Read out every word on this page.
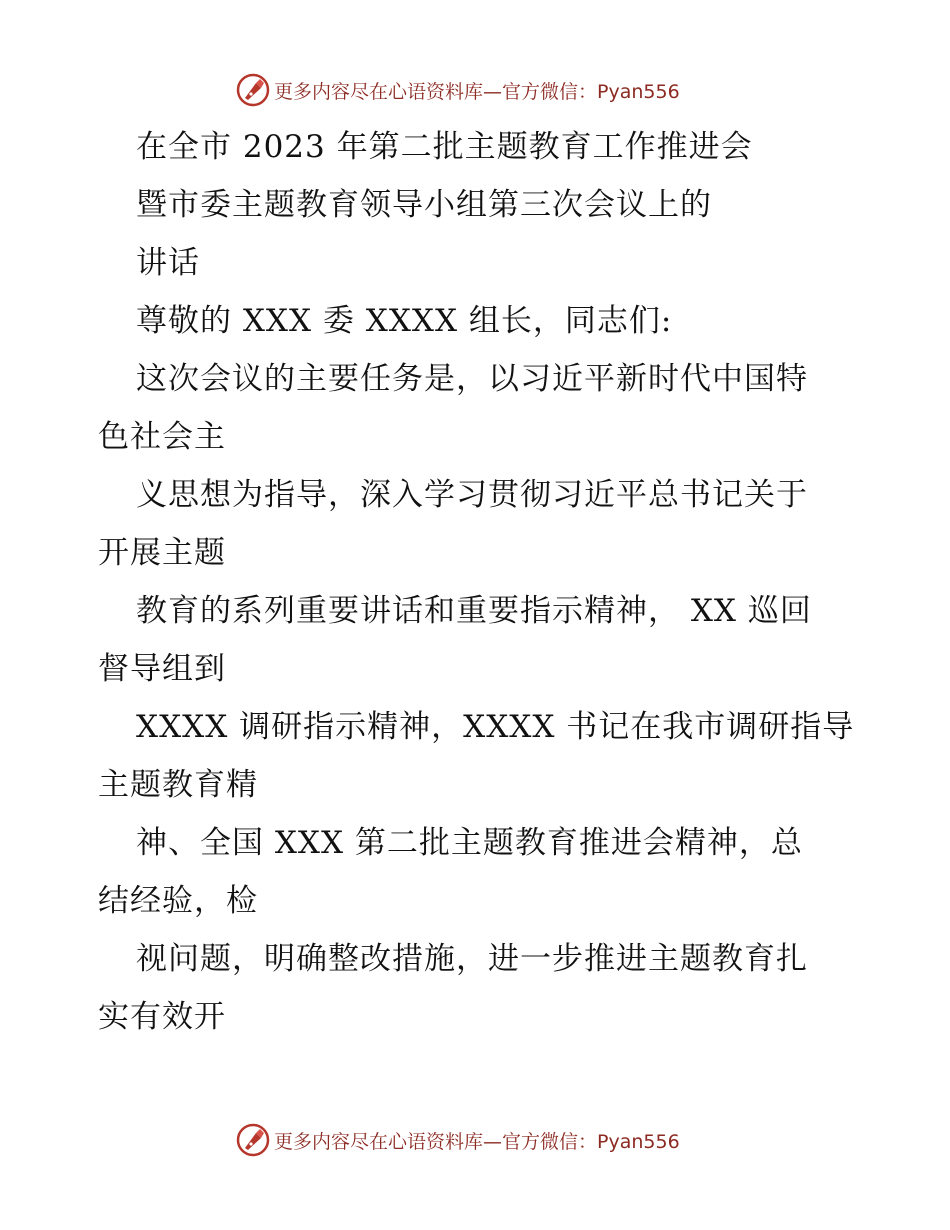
更多内容尽在心语资料库—官方微信：Pyan556
在全市 2023 年第二批主题教育工作推进会
暨市委主题教育领导小组第三次会议上的
讲话
尊敬的 XXX 委 XXXX 组长，同志们:
这次会议的主要任务是，以习近平新时代中国特
色社会主
义思想为指导，深入学习贯彻习近平总书记关于
开展主题
教育的系列重要讲话和重要指示精神， XX 巡回
督导组到
XXXX 调研指示精神，XXXX 书记在我市调研指导
主题教育精
神、全国 XXX 第二批主题教育推进会精神，总
结经验，检
视问题，明确整改措施，进一步推进主题教育扎
实有效开
更多内容尽在心语资料库—官方微信：Pyan556
